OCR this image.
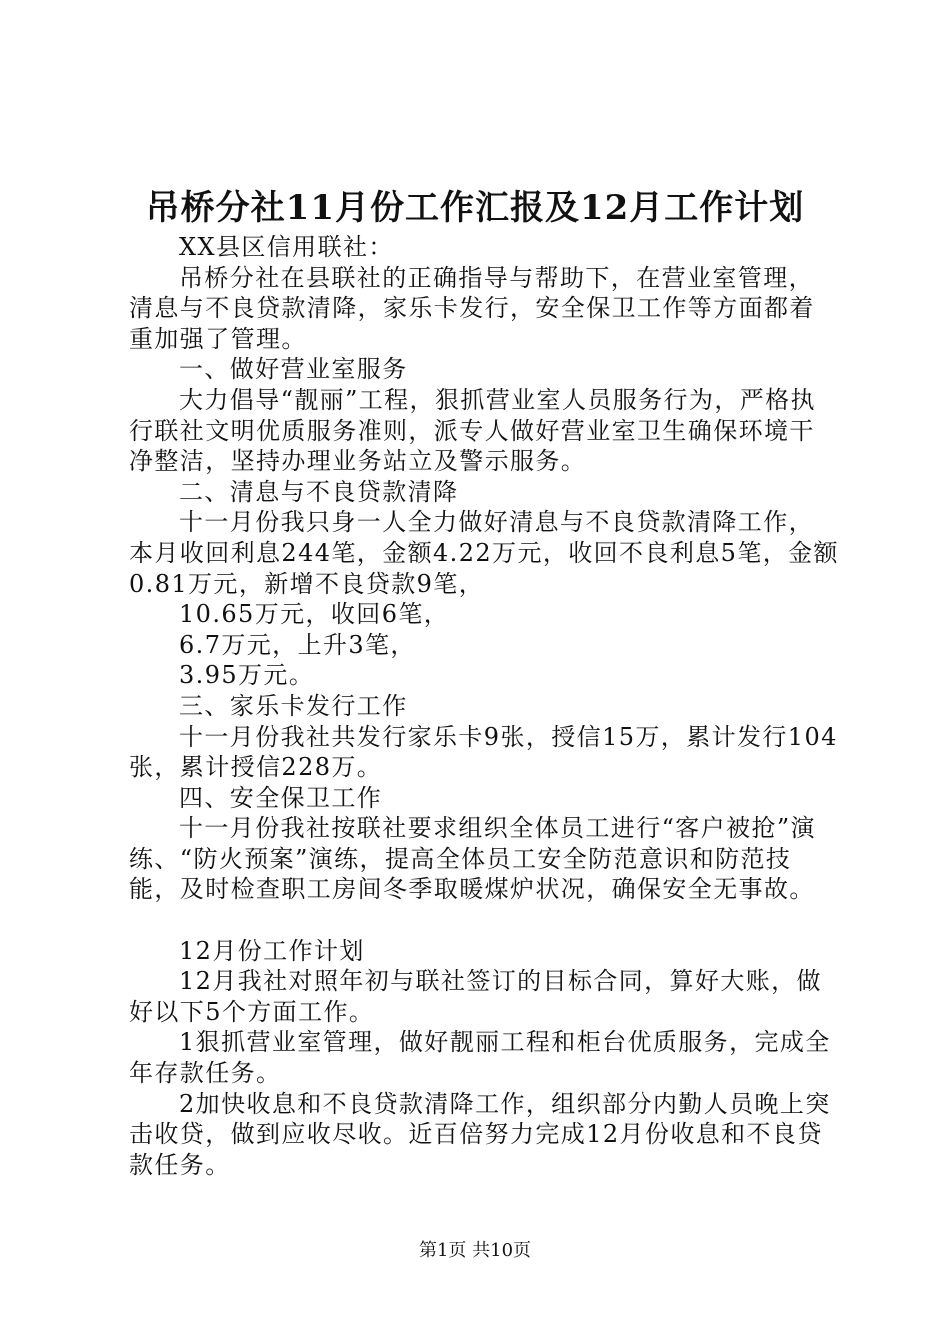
吊桥分社11月份工作汇报及12月工作计划

XX县区信用联社：

吊桥分社在县联社的正确指导与帮助下，在营业室管理，清息与不良贷款清降，家乐卡发行，安全保卫工作等方面都着重加强了管理。

一、做好营业室服务

大力倡导“靓丽”工程，狠抓营业室人员服务行为，严格执行联社文明优质服务准则，派专人做好营业室卫生确保环境干净整洁，坚持办理业务站立及警示服务。

二、清息与不良贷款清降

十一月份我只身一人全力做好清息与不良贷款清降工作，本月收回利息244笔，金额4.22万元，收回不良利息5笔，金额0.81万元，新增不良贷款9笔，

10.65万元，收回6笔，

6.7万元，上升3笔，

3.95万元。

三、家乐卡发行工作

十一月份我社共发行家乐卡9张，授信15万，累计发行104张，累计授信228万。

四、安全保卫工作

十一月份我社按联社要求组织全体员工进行“客户被抢”演练、“防火预案”演练，提高全体员工安全防范意识和防范技能，及时检查职工房间冬季取暖煤炉状况，确保安全无事故。

12月份工作计划

12月我社对照年初与联社签订的目标合同，算好大账，做好以下5个方面工作。

1狠抓营业室管理，做好靓丽工程和柜台优质服务，完成全年存款任务。

2加快收息和不良贷款清降工作，组织部分内勤人员晚上突击收贷，做到应收尽收。近百倍努力完成12月份收息和不良贷款任务。

第1页 共10页
